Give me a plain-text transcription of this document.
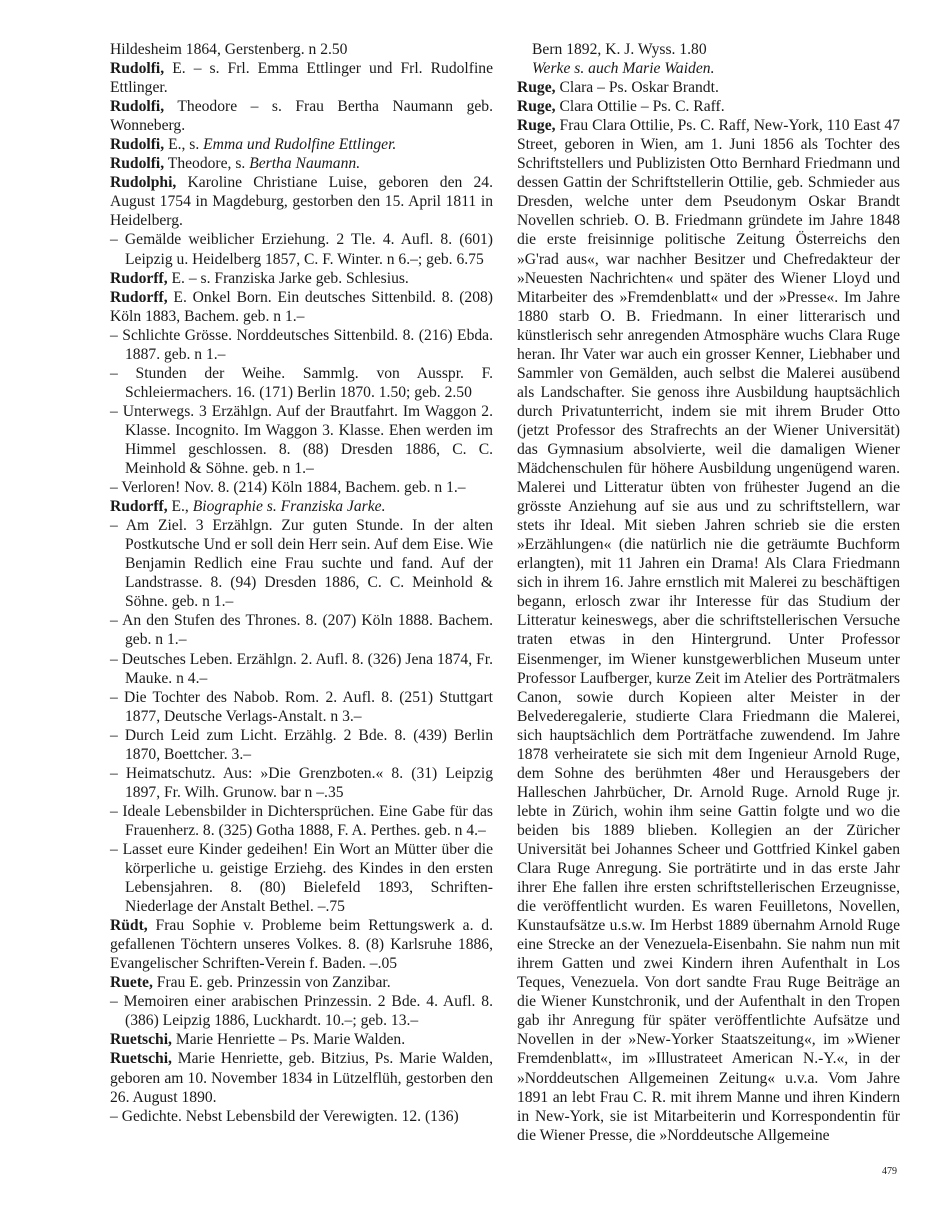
Hildesheim 1864, Gerstenberg. n 2.50

Rudolfi, E. – s. Frl. Emma Ettlinger und Frl. Rudolfine Ettlinger.

Rudolfi, Theodore – s. Frau Bertha Naumann geb. Wonneberg.

Rudolfi, E., s. Emma und Rudolfine Ettlinger.

Rudolfi, Theodore, s. Bertha Naumann.

Rudolphi, Karoline Christiane Luise, geboren den 24. August 1754 in Magdeburg, gestorben den 15. April 1811 in Heidelberg.

– Gemälde weiblicher Erziehung. 2 Tle. 4. Aufl. 8. (601) Leipzig u. Heidelberg 1857, C. F. Winter. n 6.–; geb. 6.75

Rudorff, E. – s. Franziska Jarke geb. Schlesius.

Rudorff, E. Onkel Born. Ein deutsches Sittenbild. 8. (208) Köln 1883, Bachem. geb. n 1.–

– Schlichte Grösse. Norddeutsches Sittenbild. 8. (216) Ebda. 1887. geb. n 1.–

– Stunden der Weihe. Sammlg. von Ausspr. F. Schleiermachers. 16. (171) Berlin 1870. 1.50; geb. 2.50

– Unterwegs. 3 Erzählgn. Auf der Brautfahrt. Im Waggon 2. Klasse. Incognito. Im Waggon 3. Klasse. Ehen werden im Himmel geschlossen. 8. (88) Dresden 1886, C. C. Meinhold & Söhne. geb. n 1.–

– Verloren! Nov. 8. (214) Köln 1884, Bachem. geb. n 1.–

Rudorff, E., Biographie s. Franziska Jarke.

– Am Ziel. 3 Erzählgn. Zur guten Stunde. In der alten Postkutsche Und er soll dein Herr sein. Auf dem Eise. Wie Benjamin Redlich eine Frau suchte und fand. Auf der Landstrasse. 8. (94) Dresden 1886, C. C. Meinhold & Söhne. geb. n 1.–

– An den Stufen des Thrones. 8. (207) Köln 1888. Bachem. geb. n 1.–

– Deutsches Leben. Erzählgn. 2. Aufl. 8. (326) Jena 1874, Fr. Mauke. n 4.–

– Die Tochter des Nabob. Rom. 2. Aufl. 8. (251) Stuttgart 1877, Deutsche Verlags-Anstalt. n 3.–

– Durch Leid zum Licht. Erzählg. 2 Bde. 8. (439) Berlin 1870, Boettcher. 3.–

– Heimatschutz. Aus: »Die Grenzboten.« 8. (31) Leipzig 1897, Fr. Wilh. Grunow. bar n –.35

– Ideale Lebensbilder in Dichtersprüchen. Eine Gabe für das Frauenherz. 8. (325) Gotha 1888, F. A. Perthes. geb. n 4.–

– Lasset eure Kinder gedeihen! Ein Wort an Mütter über die körperliche u. geistige Erziehg. des Kindes in den ersten Lebensjahren. 8. (80) Bielefeld 1893, Schriften-Niederlage der Anstalt Bethel. –.75

Rüdt, Frau Sophie v. Probleme beim Rettungswerk a. d. gefallenen Töchtern unseres Volkes. 8. (8) Karlsruhe 1886, Evangelischer Schriften-Verein f. Baden. –.05

Ruete, Frau E. geb. Prinzessin von Zanzibar.

– Memoiren einer arabischen Prinzessin. 2 Bde. 4. Aufl. 8. (386) Leipzig 1886, Luckhardt. 10.–; geb. 13.–

Ruetschi, Marie Henriette – Ps. Marie Walden.

Ruetschi, Marie Henriette, geb. Bitzius, Ps. Marie Walden, geboren am 10. November 1834 in Lützelflüh, gestorben den 26. August 1890.

– Gedichte. Nebst Lebensbild der Verewigten. 12. (136)

Bern 1892, K. J. Wyss. 1.80

Werke s. auch Marie Waiden.

Ruge, Clara – Ps. Oskar Brandt.

Ruge, Clara Ottilie – Ps. C. Raff.

Ruge, Frau Clara Ottilie, Ps. C. Raff, New-York, 110 East 47 Street, geboren in Wien, am 1. Juni 1856 als Tochter des Schriftstellers und Publizisten Otto Bernhard Friedmann und dessen Gattin der Schriftstellerin Ottilie, geb. Schmieder aus Dresden, welche unter dem Pseudonym Oskar Brandt Novellen schrieb. O. B. Friedmann gründete im Jahre 1848 die erste freisinnige politische Zeitung Österreichs den »G'rad aus«, war nachher Besitzer und Chefredakteur der »Neuesten Nachrichten« und später des Wiener Lloyd und Mitarbeiter des »Fremdenblatt« und der »Presse«. Im Jahre 1880 starb O. B. Friedmann. In einer litterarisch und künstlerisch sehr anregenden Atmosphäre wuchs Clara Ruge heran. Ihr Vater war auch ein grosser Kenner, Liebhaber und Sammler von Gemälden, auch selbst die Malerei ausübend als Landschafter. Sie genoss ihre Ausbildung hauptsächlich durch Privatunterricht, indem sie mit ihrem Bruder Otto (jetzt Professor des Strafrechts an der Wiener Universität) das Gymnasium absolvierte, weil die damaligen Wiener Mädchenschulen für höhere Ausbildung ungenügend waren. Malerei und Litteratur übten von frühester Jugend an die grösste Anziehung auf sie aus und zu schriftstellern, war stets ihr Ideal. Mit sieben Jahren schrieb sie die ersten »Erzählungen« (die natürlich nie die geträumte Buchform erlangten), mit 11 Jahren ein Drama! Als Clara Friedmann sich in ihrem 16. Jahre ernstlich mit Malerei zu beschäftigen begann, erlosch zwar ihr Interesse für das Studium der Litteratur keineswegs, aber die schriftstellerischen Versuche traten etwas in den Hintergrund. Unter Professor Eisenmenger, im Wiener kunstgewerblichen Museum unter Professor Laufberger, kurze Zeit im Atelier des Porträtmalers Canon, sowie durch Kopieen alter Meister in der Belvederegalerie, studierte Clara Friedmann die Malerei, sich hauptsächlich dem Porträtfache zuwendend. Im Jahre 1878 verheiratete sie sich mit dem Ingenieur Arnold Ruge, dem Sohne des berühmten 48er und Herausgebers der Halleschen Jahrbücher, Dr. Arnold Ruge. Arnold Ruge jr. lebte in Zürich, wohin ihm seine Gattin folgte und wo die beiden bis 1889 blieben. Kollegien an der Züricher Universität bei Johannes Scheer und Gottfried Kinkel gaben Clara Ruge Anregung. Sie porträtirte und in das erste Jahr ihrer Ehe fallen ihre ersten schriftstellerischen Erzeugnisse, die veröffentlicht wurden. Es waren Feuilletons, Novellen, Kunstaufsätze u.s.w. Im Herbst 1889 übernahm Arnold Ruge eine Strecke an der Venezuela-Eisenbahn. Sie nahm nun mit ihrem Gatten und zwei Kindern ihren Aufenthalt in Los Teques, Venezuela. Von dort sandte Frau Ruge Beiträge an die Wiener Kunstchronik, und der Aufenthalt in den Tropen gab ihr Anregung für später veröffentlichte Aufsätze und Novellen in der »New-Yorker Staatszeitung«, im »Wiener Fremdenblatt«, im »Illustrateet American N.-Y.«, in der »Norddeutschen Allgemeinen Zeitung« u.v.a. Vom Jahre 1891 an lebt Frau C. R. mit ihrem Manne und ihren Kindern in New-York, sie ist Mitarbeiterin und Korrespondentin für die Wiener Presse, die »Norddeutsche Allgemeine

479
